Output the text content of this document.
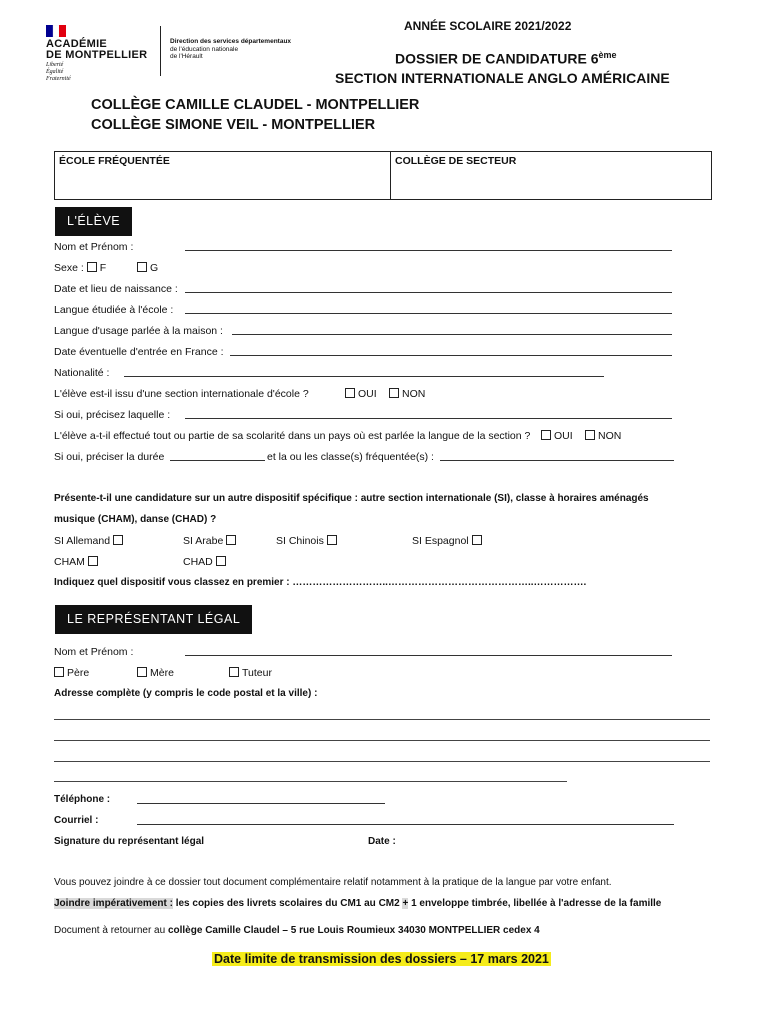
ACADÉMIE
DE MONTPELLIER
Liberté
Égalité
Fraternité
Direction des services départementaux
de l'éducation nationale
de l'Hérault
ANNÉE SCOLAIRE 2021/2022
DOSSIER DE CANDIDATURE 6ème
SECTION INTERNATIONALE ANGLO AMÉRICAINE
COLLÈGE CAMILLE CLAUDEL - MONTPELLIER
COLLÈGE SIMONE VEIL - MONTPELLIER
ÉCOLE FRÉQUENTÉE	COLLÈGE DE SECTEUR
L'ÉLÈVE
Nom et Prénom :
Sexe : F	G
Date et lieu de naissance :
Langue étudiée à l'école :
Langue d'usage parlée à la maison :
Date éventuelle d'entrée en France :
Nationalité :
L'élève est-il issu d'une section internationale d'école ?	OUI	NON
Si oui, précisez laquelle :
L'élève a-t-il effectué tout ou partie de sa scolarité dans un pays où est parlée la langue de la section ?	OUI	NON
Si oui, préciser la durée	et la ou les classe(s) fréquentée(s) :
Présente-t-il une candidature sur un autre dispositif spécifique : autre section internationale (SI), classe à horaires aménagés
musique (CHAM), danse (CHAD) ?
SI Allemand	SI Arabe	SI Chinois	SI Espagnol
CHAM	CHAD
Indiquez quel dispositif vous classez en premier : ………………………..……………………………………..…………….
LE REPRÉSENTANT LÉGAL
Nom et Prénom :
Père	Mère	Tuteur
Adresse complète (y compris le code postal et la ville) :
Téléphone :
Courriel :
Signature du représentant légal	Date :
Vous pouvez joindre à ce dossier tout document complémentaire relatif notamment à la pratique de la langue par votre enfant.
Joindre impérativement : les copies des livrets scolaires du CM1 au CM2 + 1 enveloppe timbrée, libellée à l'adresse de la famille
Document à retourner au collège Camille Claudel – 5 rue Louis Roumieux 34030 MONTPELLIER cedex 4
Date limite de transmission des dossiers – 17 mars 2021
